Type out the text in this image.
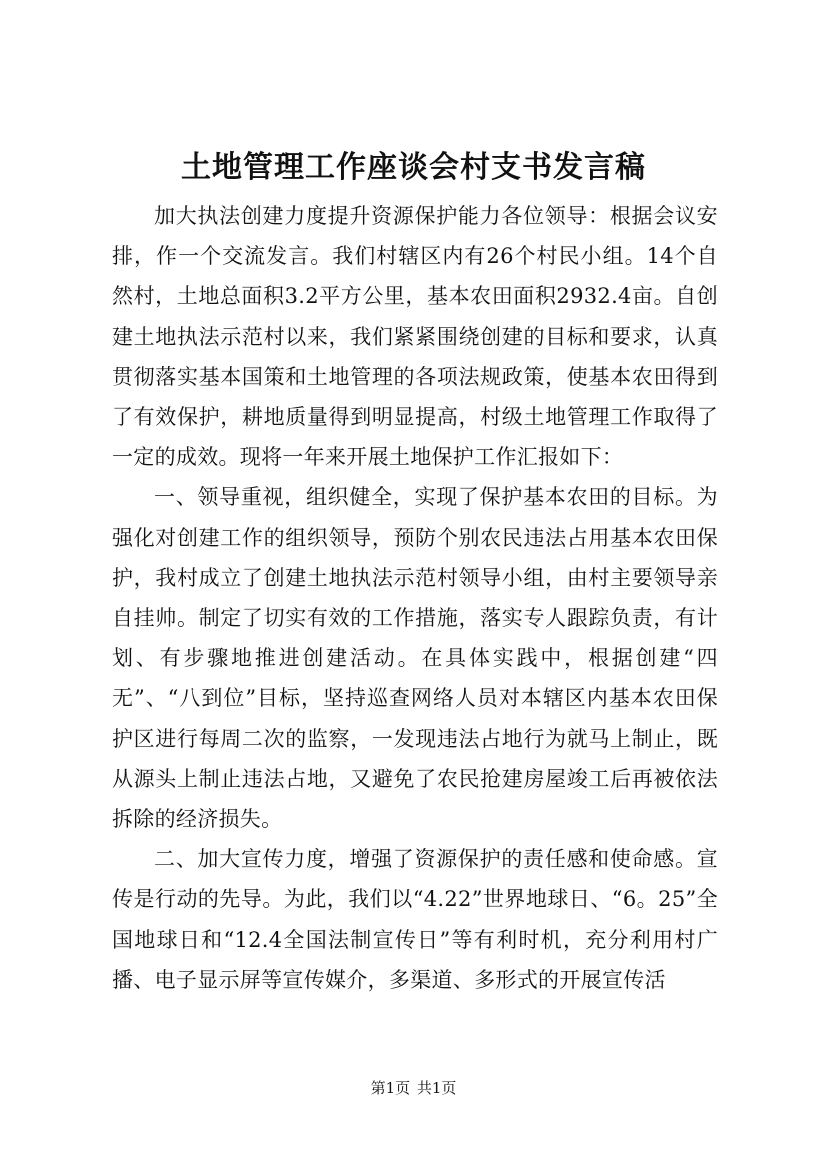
土地管理工作座谈会村支书发言稿

加大执法创建力度提升资源保护能力各位领导：根据会议安排，作一个交流发言。我们村辖区内有26个村民小组。14个自然村，土地总面积3.2平方公里，基本农田面积2932.4亩。自创建土地执法示范村以来，我们紧紧围绕创建的目标和要求，认真贯彻落实基本国策和土地管理的各项法规政策，使基本农田得到了有效保护，耕地质量得到明显提高，村级土地管理工作取得了一定的成效。现将一年来开展土地保护工作汇报如下：

一、领导重视，组织健全，实现了保护基本农田的目标。为强化对创建工作的组织领导，预防个别农民违法占用基本农田保护，我村成立了创建土地执法示范村领导小组，由村主要领导亲自挂帅。制定了切实有效的工作措施，落实专人跟踪负责，有计划、有步骤地推进创建活动。在具体实践中，根据创建“四无”、“八到位”目标，坚持巡查网络人员对本辖区内基本农田保护区进行每周二次的监察，一发现违法占地行为就马上制止，既从源头上制止违法占地，又避免了农民抢建房屋竣工后再被依法拆除的经济损失。

二、加大宣传力度，增强了资源保护的责任感和使命感。宣传是行动的先导。为此，我们以“4.22”世界地球日、“6。25”全国地球日和“12.4全国法制宣传日”等有利时机，充分利用村广播、电子显示屏等宣传媒介，多渠道、多形式的开展宣传活

第1页 共1页
